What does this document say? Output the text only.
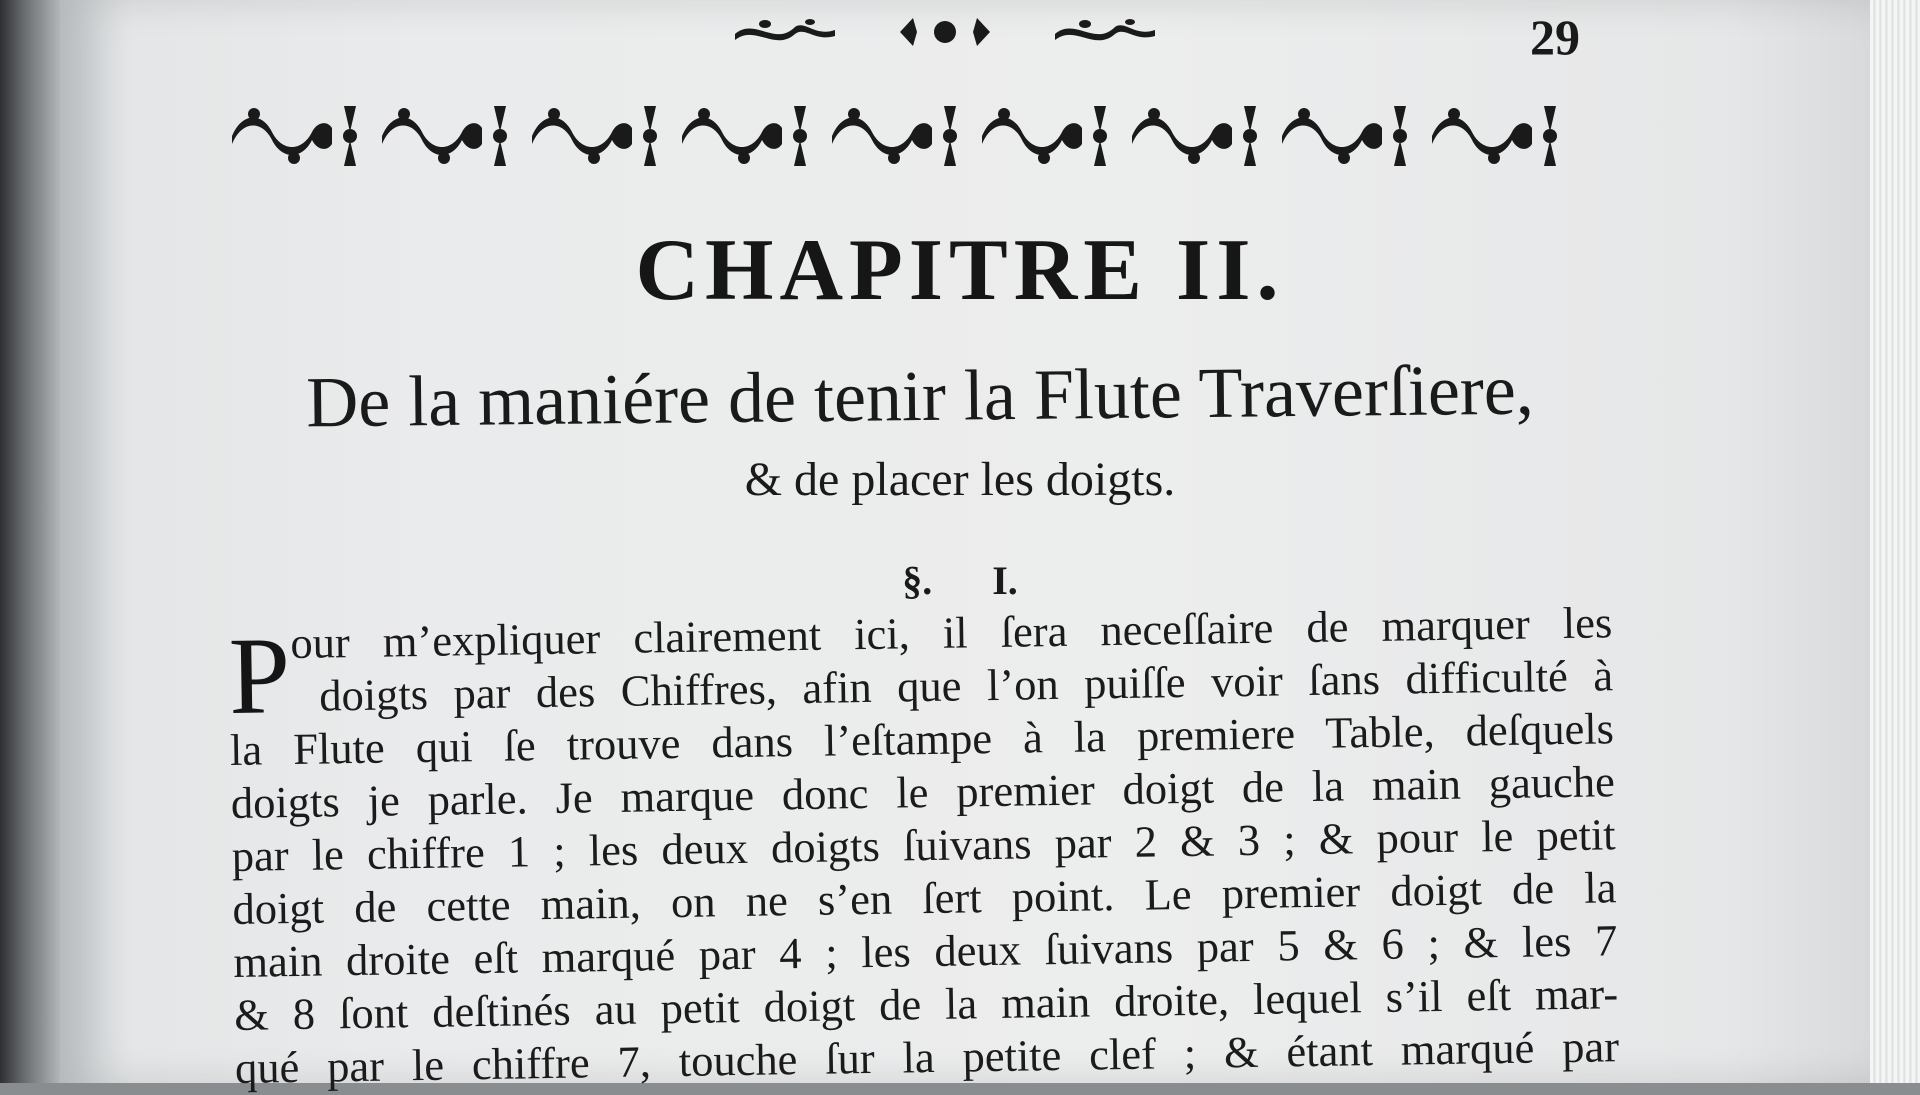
29
CHAPITRE II.
De la maniére de tenir la Flute Traverſiere,
& de placer les doigts.
§. I.
P
our m’expliquer clairement ici, il ſera neceſſaire de marquer les
doigts par des Chiffres, afin que l’on puiſſe voir ſans difficulté à
la Flute qui ſe trouve dans l’eſtampe à la premiere Table, deſquels
doigts je parle. Je marque donc le premier doigt de la main gauche
par le chiffre 1 ; les deux doigts ſuivans par 2 & 3 ; & pour le petit
doigt de cette main, on ne s’en ſert point. Le premier doigt de la
main droite eſt marqué par 4 ; les deux ſuivans par 5 & 6 ; & les 7
& 8 ſont deſtinés au petit doigt de la main droite, lequel s’il eſt mar-
qué par le chiffre 7, touche ſur la petite clef ; & étant marqué par
